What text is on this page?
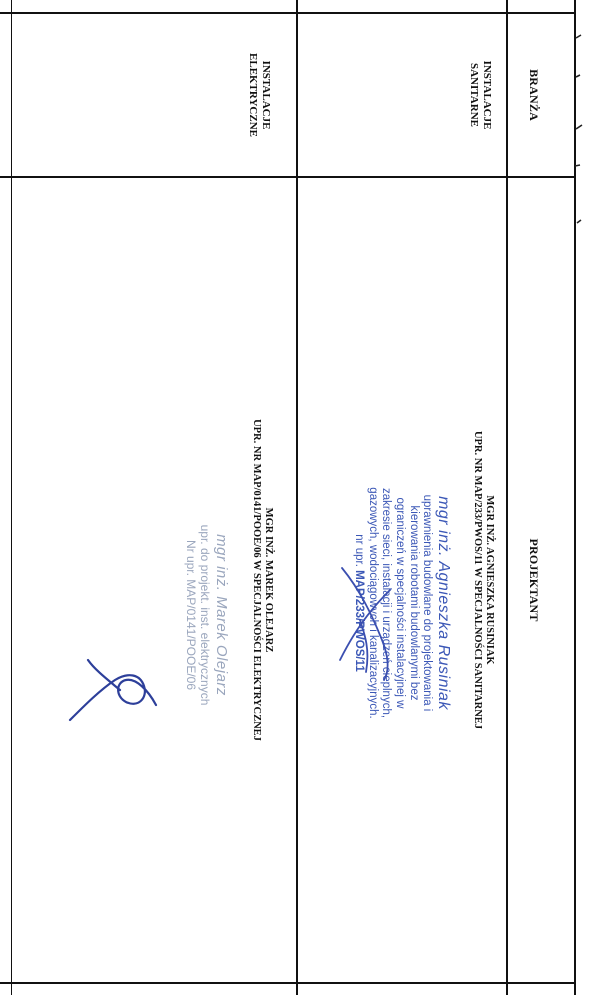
BRANŻA
PROJEKTANT
INSTALACJE
SANITARNE
MGR INŻ. AGNIESZKA RUSINIAK
UPR. NR MAP/233/PWOS/11 W SPECJALNOŚCI SANITARNEJ
mgr inż. Agnieszka Rusiniak
uprawnienia budowlane do projektowania i
kierowania robotami budowlanymi bez
ograniczeń w specjalności instalacyjnej w
zakresie sieci, instalacji i urządzeń cieplnych,
gazowych, wodociągowych i kanalizacyjnych.
nr upr. MAP/233/PWOS/11
INSTALACJE
ELEKTRYCZNE
MGR INŻ. MAREK OLEJARZ
UPR. NR MAP/0141/POOE/06 W SPECJALNOŚCI ELEKTRYCZNEJ
mgr inż. Marek Olejarz
upr. do projekt. inst. elektrycznych
Nr upr. MAP/0141/POOE/06
